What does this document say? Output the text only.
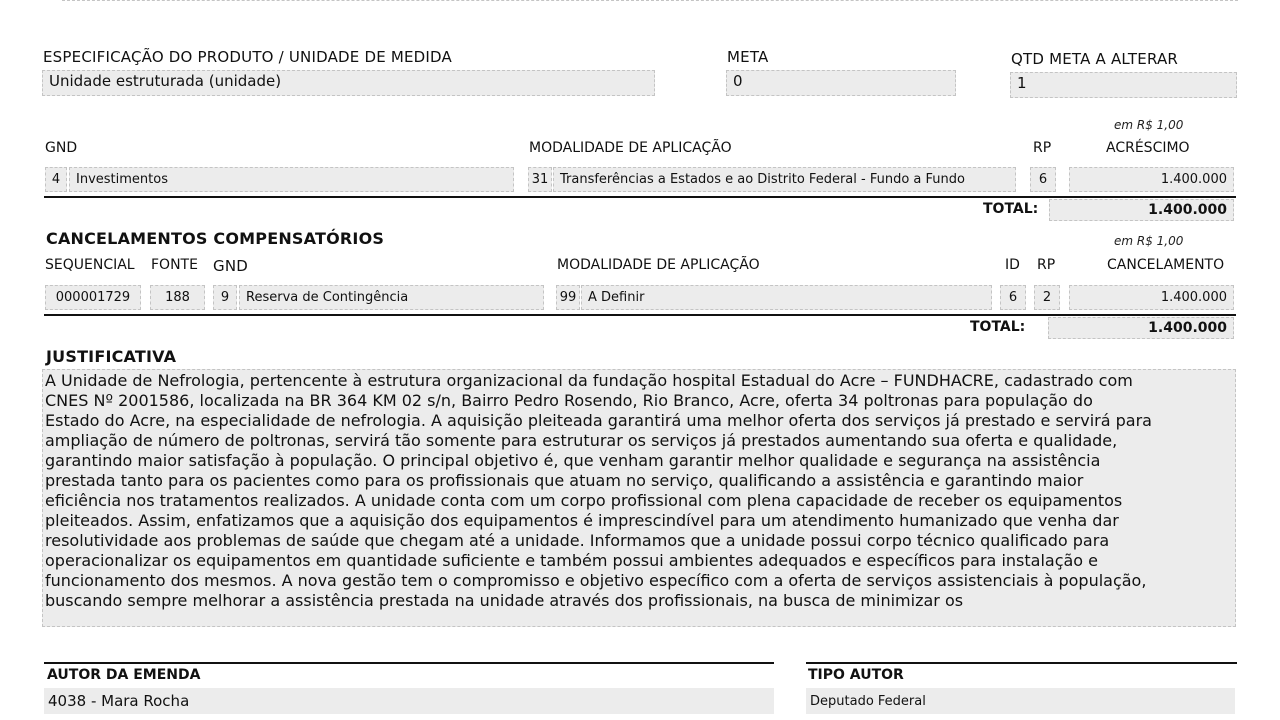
ESPECIFICAÇÃO DO PRODUTO / UNIDADE DE MEDIDA
Unidade estruturada (unidade)
META
0
QTD META A ALTERAR
1
em R$ 1,00
GND	MODALIDADE DE APLICAÇÃO	RP	ACRÉSCIMO
4	Investimentos	31 Transferências a Estados e ao Distrito Federal - Fundo a Fundo	6	1.400.000
TOTAL:	1.400.000
CANCELAMENTOS COMPENSATÓRIOS	em R$ 1,00
SEQUENCIAL FONTE GND	MODALIDADE DE APLICAÇÃO	ID RP	CANCELAMENTO
000001729	188	9	Reserva de Contingência	99 A Definir	6	2	1.400.000
TOTAL:	1.400.000
JUSTIFICATIVA
A Unidade de Nefrologia, pertencente à estrutura organizacional da fundação hospital Estadual do Acre – FUNDHACRE, cadastrado com
CNES Nº 2001586, localizada na BR 364 KM 02 s/n, Bairro Pedro Rosendo, Rio Branco, Acre, oferta 34 poltronas para população do
Estado do Acre, na especialidade de nefrologia. A aquisição pleiteada garantirá uma melhor oferta dos serviços já prestado e servirá para
ampliação de número de poltronas, servirá tão somente para estruturar os serviços já prestados aumentando sua oferta e qualidade,
garantindo maior satisfação à população. O principal objetivo é, que venham garantir melhor qualidade e segurança na assistência
prestada tanto para os pacientes como para os profissionais que atuam no serviço, qualificando a assistência e garantindo maior
eficiência nos tratamentos realizados. A unidade conta com um corpo profissional com plena capacidade de receber os equipamentos
pleiteados. Assim, enfatizamos que a aquisição dos equipamentos é imprescindível para um atendimento humanizado que venha dar
resolutividade aos problemas de saúde que chegam até a unidade. Informamos que a unidade possui corpo técnico qualificado para
operacionalizar os equipamentos em quantidade suficiente e também possui ambientes adequados e específicos para instalação e
funcionamento dos mesmos. A nova gestão tem o compromisso e objetivo específico com a oferta de serviços assistenciais à população,
buscando sempre melhorar a assistência prestada na unidade através dos profissionais, na busca de minimizar os
AUTOR DA EMENDA	TIPO AUTOR
4038 - Mara Rocha	Deputado Federal
